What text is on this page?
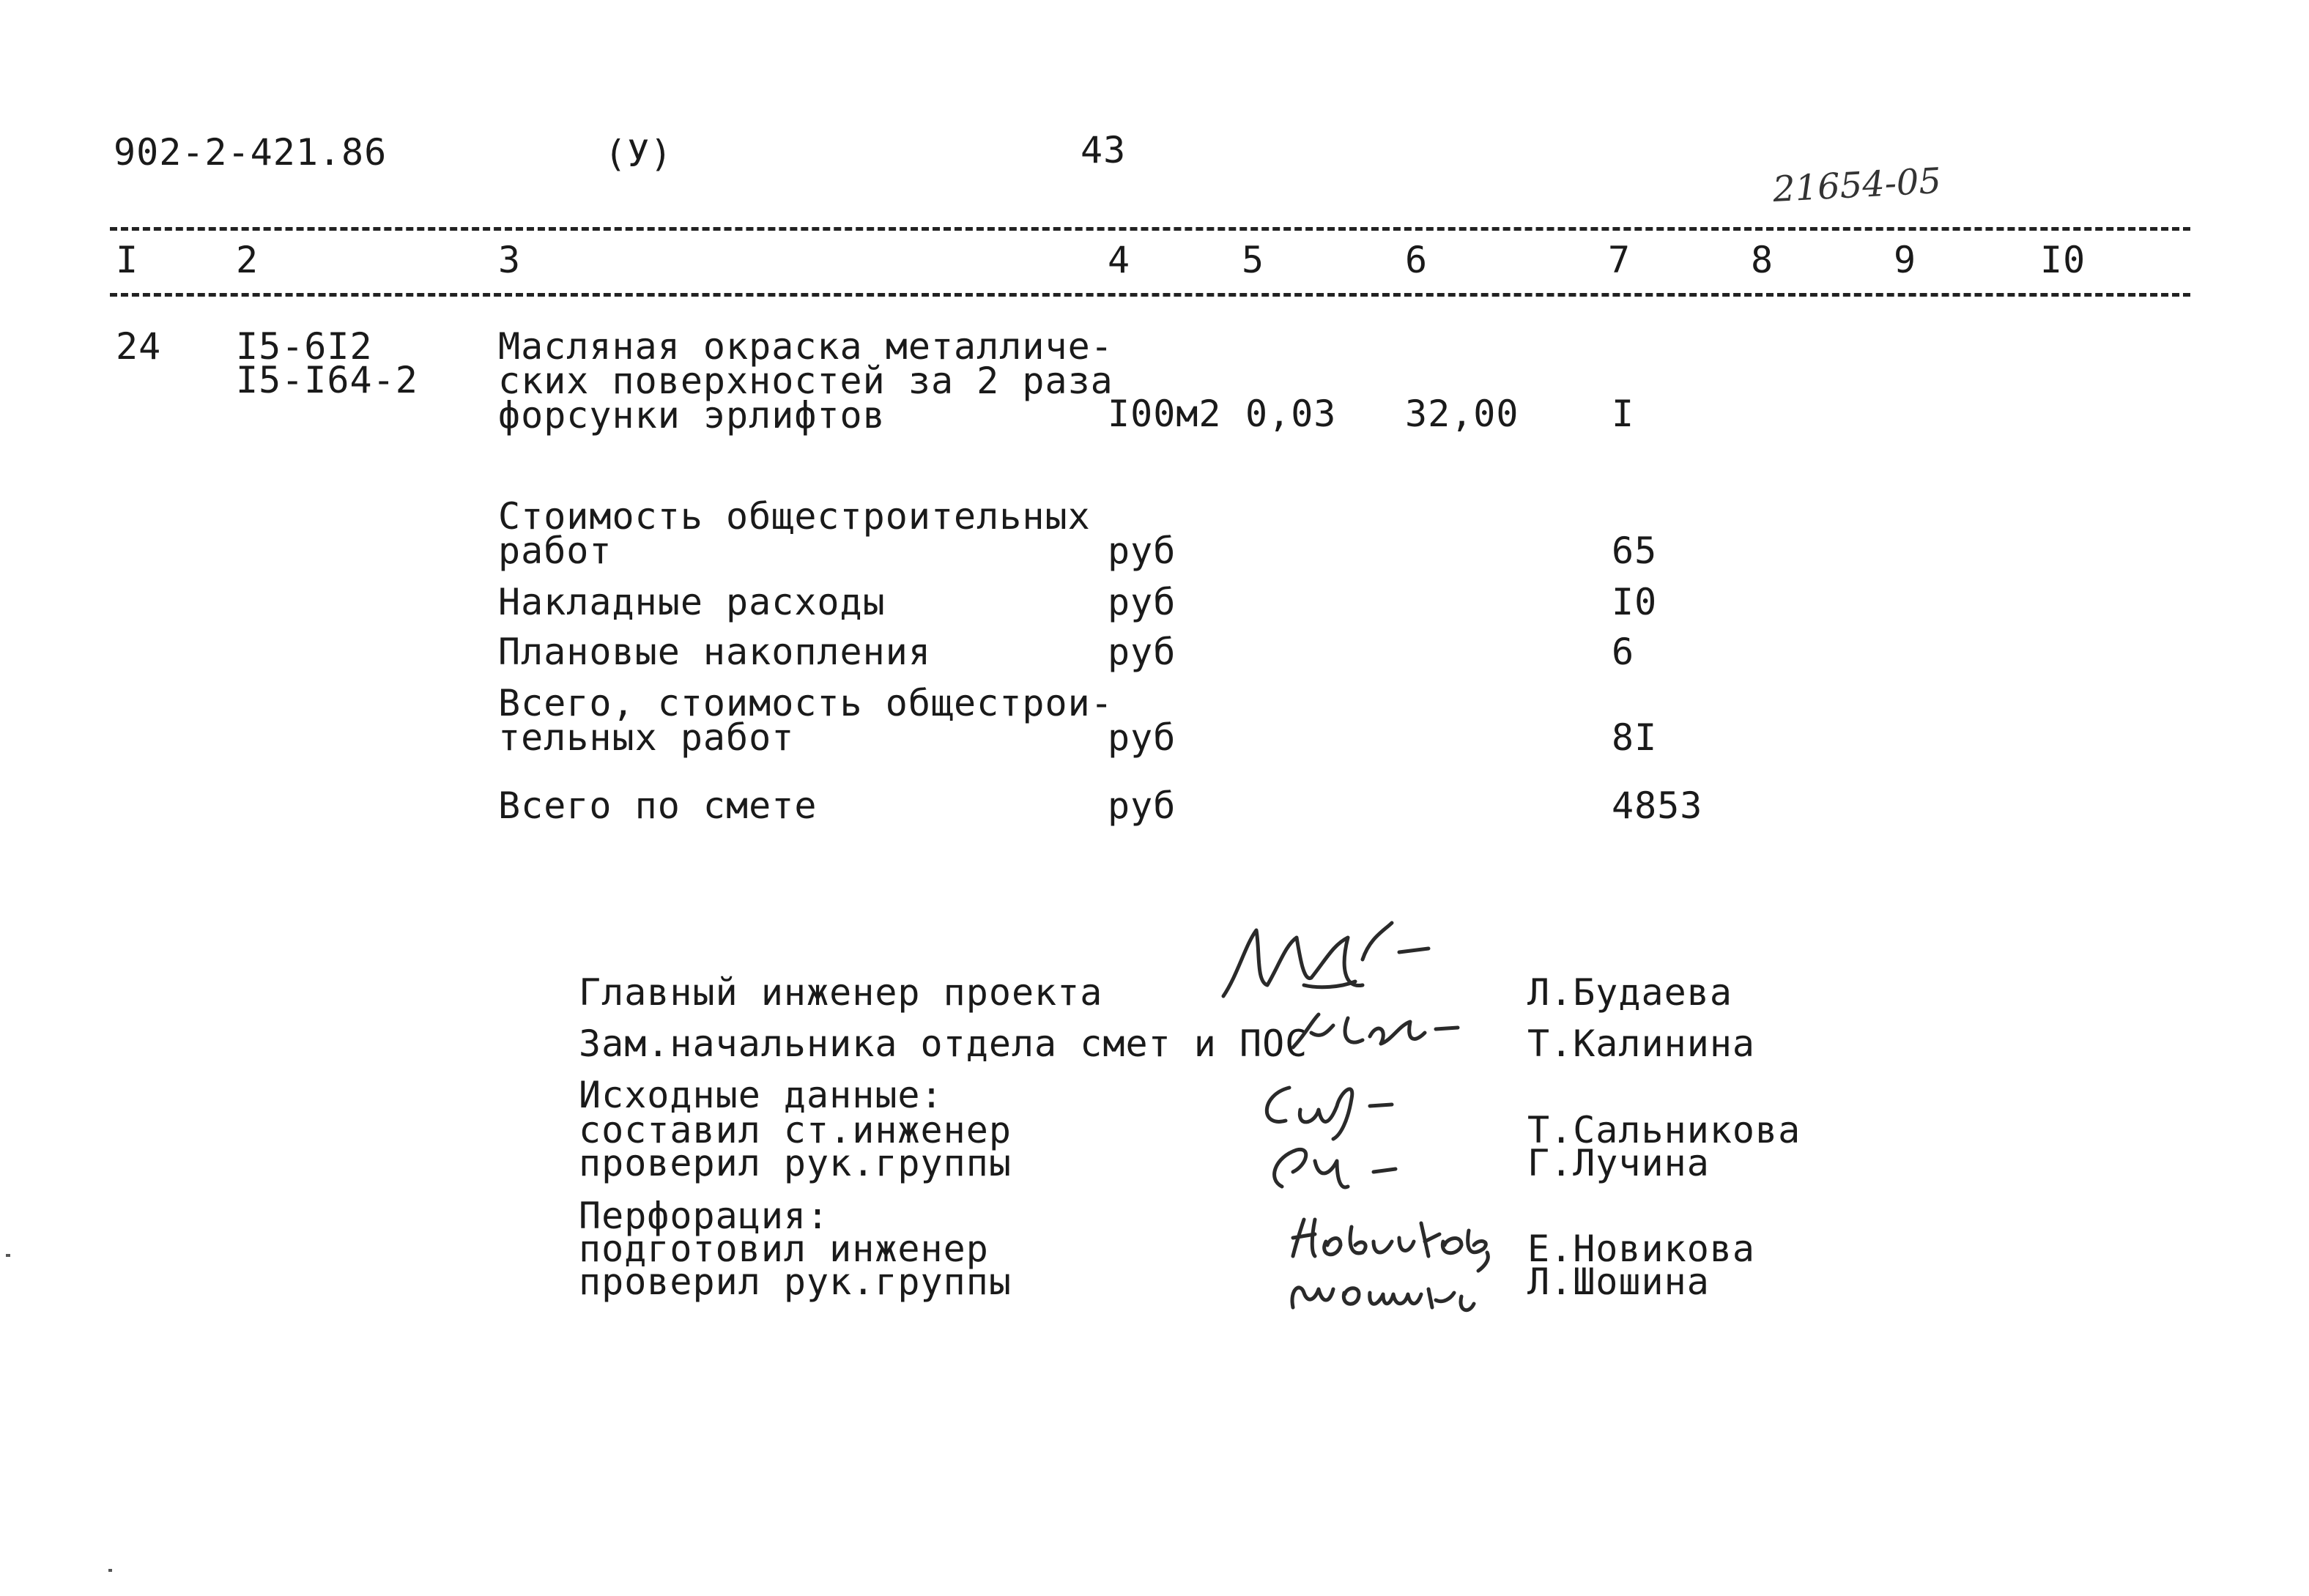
902-2-421.86	(У)	43
21654-05
I	2	3	4	5	6	7	8	9	I0
24 I5-6I2
I5-I64-2
Масляная окраска металличе-
ских поверхностей за 2 раза
форсунки эрлифтов	I00м2 0,03 32,00	I
Стоимость общестроительных
работ	руб	65
Накладные расходы	руб	I0
Плановые накопления	руб	6
Всего, стоимость общестрои-
тельных работ	руб	8I
Всего по смете	руб	4853
Главный инженер проекта	Л.Будаева
Зам.начальника отдела смет и ПОС	Т.Калинина
Исходные данные:
составил ст.инженер	Т.Сальникова
проверил рук.группы	Г.Лучина
Перфорация:
подготовил инженер	Е.Новикова
проверил рук.группы	Л.Шошина
